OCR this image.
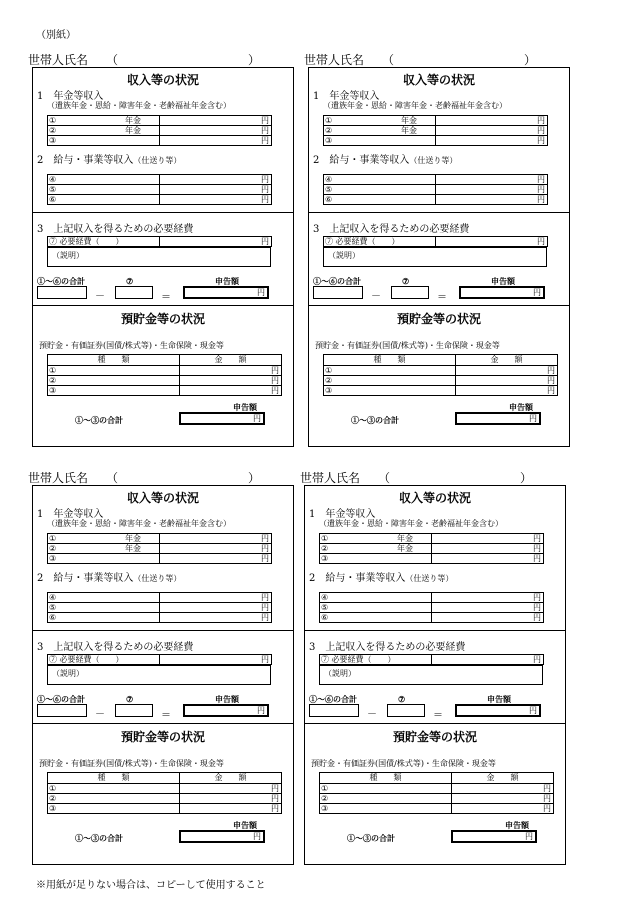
（別紙）
世帯人氏名 （	）
収入等の状況
1　年金等収入
（遺族年金・恩給・障害年金・老齢福祉年金含む）
① 年金	円

② 年金	円
③	円
2　給与・事業等収入（仕送り等）
④	円
⑤	円
⑥	円
3　上記収入を得るための必要経費
⑦ 必要経費（　　）	円
（説明）
①～⑥の合計	⑦	申告額
－	＝	円
預貯金等の状況
預貯金・有価証券(国債/株式等)・生命保険・現金等
種　　類	金　　額
①	円
②	円
③	円
申告額
①～③の合計	円
世帯人氏名 （	）
収入等の状況
1　年金等収入
（遺族年金・恩給・障害年金・老齢福祉年金含む）
① 年金	円

② 年金	円
③	円
2　給与・事業等収入（仕送り等）
④	円
⑤	円
⑥	円
3　上記収入を得るための必要経費
⑦ 必要経費（　　）	円
（説明）
①～⑥の合計	⑦	申告額
－	＝	円
預貯金等の状況
預貯金・有価証券(国債/株式等)・生命保険・現金等
種　　類	金　　額
①	円
②	円
③	円
申告額
①～③の合計	円
世帯人氏名 （	）
収入等の状況
1　年金等収入
（遺族年金・恩給・障害年金・老齢福祉年金含む）
① 年金	円

② 年金	円
③	円
2　給与・事業等収入（仕送り等）
④	円
⑤	円
⑥	円
3　上記収入を得るための必要経費
⑦ 必要経費（　　）	円
（説明）
①～⑥の合計	⑦	申告額
－	＝	円
預貯金等の状況
預貯金・有価証券(国債/株式等)・生命保険・現金等
種　　類	金　　額
①	円
②	円
③	円
申告額
①～③の合計	円
世帯人氏名 （	）
収入等の状況
1　年金等収入
（遺族年金・恩給・障害年金・老齢福祉年金含む）
① 年金	円

② 年金	円
③	円
2　給与・事業等収入（仕送り等）
④	円
⑤	円
⑥	円
3　上記収入を得るための必要経費
⑦ 必要経費（　　）	円
（説明）
①～⑥の合計	⑦	申告額
－	＝	円
預貯金等の状況
預貯金・有価証券(国債/株式等)・生命保険・現金等
種　　類	金　　額
①	円
②	円
③	円
申告額
①～③の合計	円
※用紙が足りない場合は、コピーして使用すること
